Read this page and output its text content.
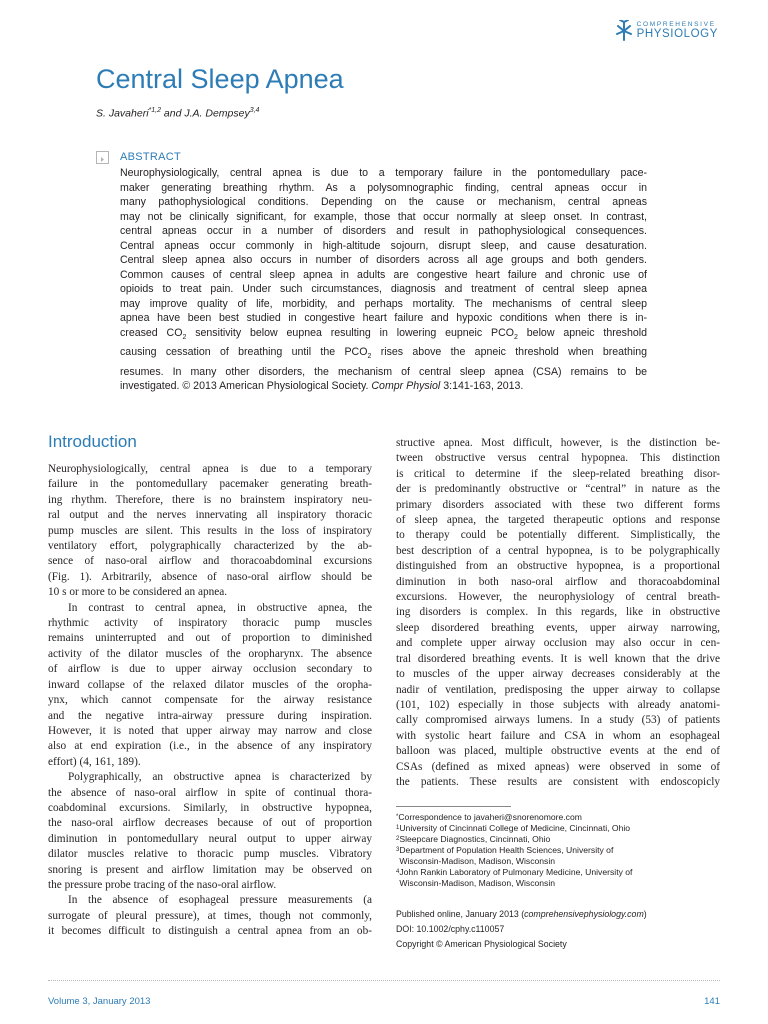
COMPREHENSIVE
PHYSIOLOGY
Central Sleep Apnea
S. Javaheri$^{*1,2}$ and J.A. Dempsey$^{3,4}$
ABSTRACT
Neurophysiologically, central apnea is due to a temporary failure in the pontomedullary pace-
maker generating breathing rhythm. As a polysomnographic finding, central apneas occur in
many pathophysiological conditions. Depending on the cause or mechanism, central apneas
may not be clinically significant, for example, those that occur normally at sleep onset. In contrast,
central apneas occur in a number of disorders and result in pathophysiological consequences.
Central apneas occur commonly in high-altitude sojourn, disrupt sleep, and cause desaturation.
Central sleep apnea also occurs in number of disorders across all age groups and both genders.
Common causes of central sleep apnea in adults are congestive heart failure and chronic use of
opioids to treat pain. Under such circumstances, diagnosis and treatment of central sleep apnea
may improve quality of life, morbidity, and perhaps mortality. The mechanisms of central sleep
apnea have been best studied in congestive heart failure and hypoxic conditions when there is in-
creased $CO_2$ sensitivity below eupnea resulting in lowering eupneic $PCO_2$ below apneic threshold
causing cessation of breathing until the $PCO_2$ rises above the apneic threshold when breathing
resumes. In many other disorders, the mechanism of central sleep apnea (CSA) remains to be
investigated. © 2013 American Physiological Society. Compr Physiol 3:141-163, 2013.
Introduction
Neurophysiologically, central apnea is due to a temporary
failure in the pontomedullary pacemaker generating breath-
ing rhythm. Therefore, there is no brainstem inspiratory neu-
ral output and the nerves innervating all inspiratory thoracic
pump muscles are silent. This results in the loss of inspiratory
ventilatory effort, polygraphically characterized by the ab-
sence of naso-oral airflow and thoracoabdominal excursions
(Fig. 1). Arbitrarily, absence of naso-oral airflow should be
10 s or more to be considered an apnea.
In contrast to central apnea, in obstructive apnea, the
rhythmic activity of inspiratory thoracic pump muscles
remains uninterrupted and out of proportion to diminished
activity of the dilator muscles of the oropharynx. The absence
of airflow is due to upper airway occlusion secondary to
inward collapse of the relaxed dilator muscles of the oropha-
ynx, which cannot compensate for the airway resistance
and the negative intra-airway pressure during inspiration.
However, it is noted that upper airway may narrow and close
also at end expiration (i.e., in the absence of any inspiratory
effort) (4, 161, 189).
Polygraphically, an obstructive apnea is characterized by
the absence of naso-oral airflow in spite of continual thora-
coabdominal excursions. Similarly, in obstructive hypopnea,
the naso-oral airflow decreases because of out of proportion
diminution in pontomedullary neural output to upper airway
dilator muscles relative to thoracic pump muscles. Vibratory
snoring is present and airflow limitation may be observed on
the pressure probe tracing of the naso-oral airflow.
In the absence of esophageal pressure measurements (a
surrogate of pleural pressure), at times, though not commonly,
it becomes difficult to distinguish a central apnea from an ob-
structive apnea. Most difficult, however, is the distinction be-
tween obstructive versus central hypopnea. This distinction
is critical to determine if the sleep-related breathing disor-
der is predominantly obstructive or “central” in nature as the
primary disorders associated with these two different forms
of sleep apnea, the targeted therapeutic options and response
to therapy could be potentially different. Simplistically, the
best description of a central hypopnea, is to be polygraphically
distinguished from an obstructive hypopnea, is a proportional
diminution in both naso-oral airflow and thoracoabdominal
excursions. However, the neurophysiology of central breath-
ing disorders is complex. In this regards, like in obstructive
sleep disordered breathing events, upper airway narrowing,
and complete upper airway occlusion may also occur in cen-
tral disordered breathing events. It is well known that the drive
to muscles of the upper airway decreases considerably at the
nadir of ventilation, predisposing the upper airway to collapse
(101, 102) especially in those subjects with already anatomi-
cally compromised airways lumens. In a study (53) of patients
with systolic heart failure and CSA in whom an esophageal
balloon was placed, multiple obstructive events at the end of
CSAs (defined as mixed apneas) were observed in some of
the patients. These results are consistent with endoscopicly
* Correspondence to javaheri@snorenomore.com
1 University of Cincinnati College of Medicine, Cincinnati, Ohio
2 Sleepcare Diagnostics, Cincinnati, Ohio
3 Department of Population Health Sciences, University of
Wisconsin-Madison, Madison, Wisconsin
4 John Rankin Laboratory of Pulmonary Medicine, University of
Wisconsin-Madison, Madison, Wisconsin
Published online, January 2013 (comprehensivephysiology.com)
DOI: 10.1002/cphy.c110057
Copyright © American Physiological Society
Volume 3, January 2013	141
